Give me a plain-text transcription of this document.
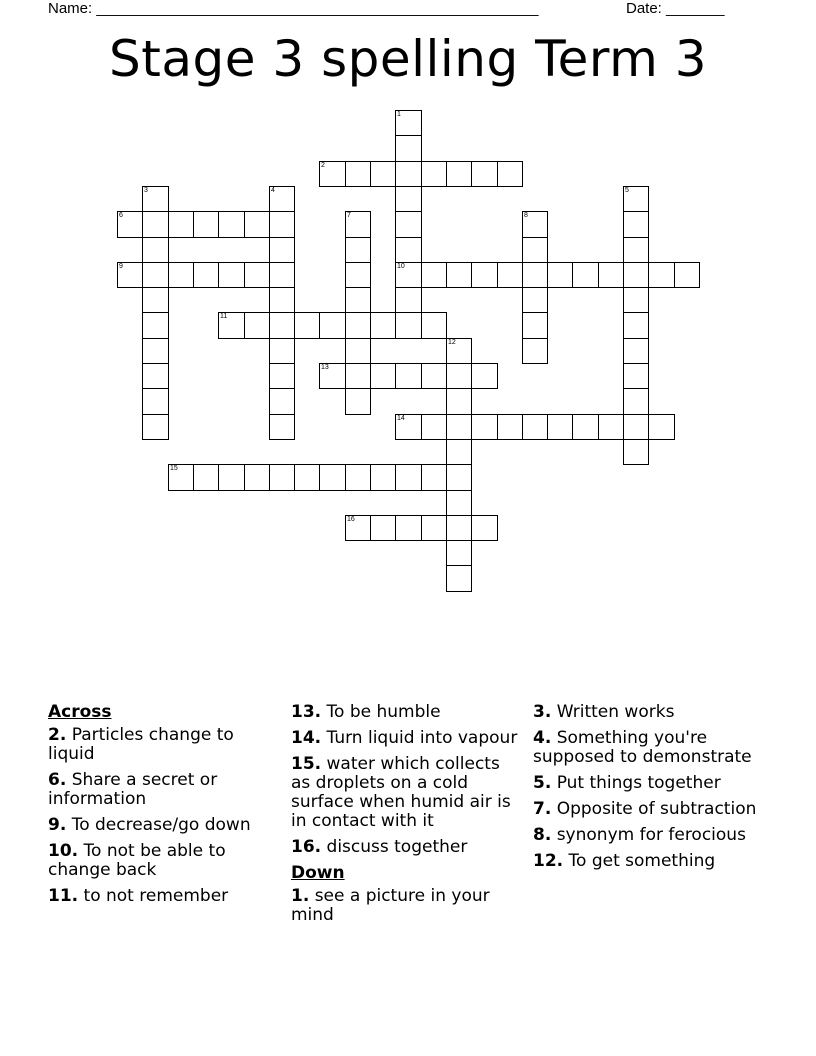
Name: _____________________________________________________	Date: _______
Stage 3 spelling Term 3
1
10
2
3	4	5
6	7	8
9
11
12
13
14
15
16
Across
2. Particles change to liquid
6. Share a secret or information
9. To decrease/go down
10. To not be able to change back
11. to not remember
13. To be humble
14. Turn liquid into vapour
15. water which collects as droplets on a cold surface when humid air is in contact with it
16. discuss together
Down
1. see a picture in your mind
3. Written works
4. Something you're supposed to demonstrate
5. Put things together
7. Opposite of subtraction
8. synonym for ferocious
12. To get something
